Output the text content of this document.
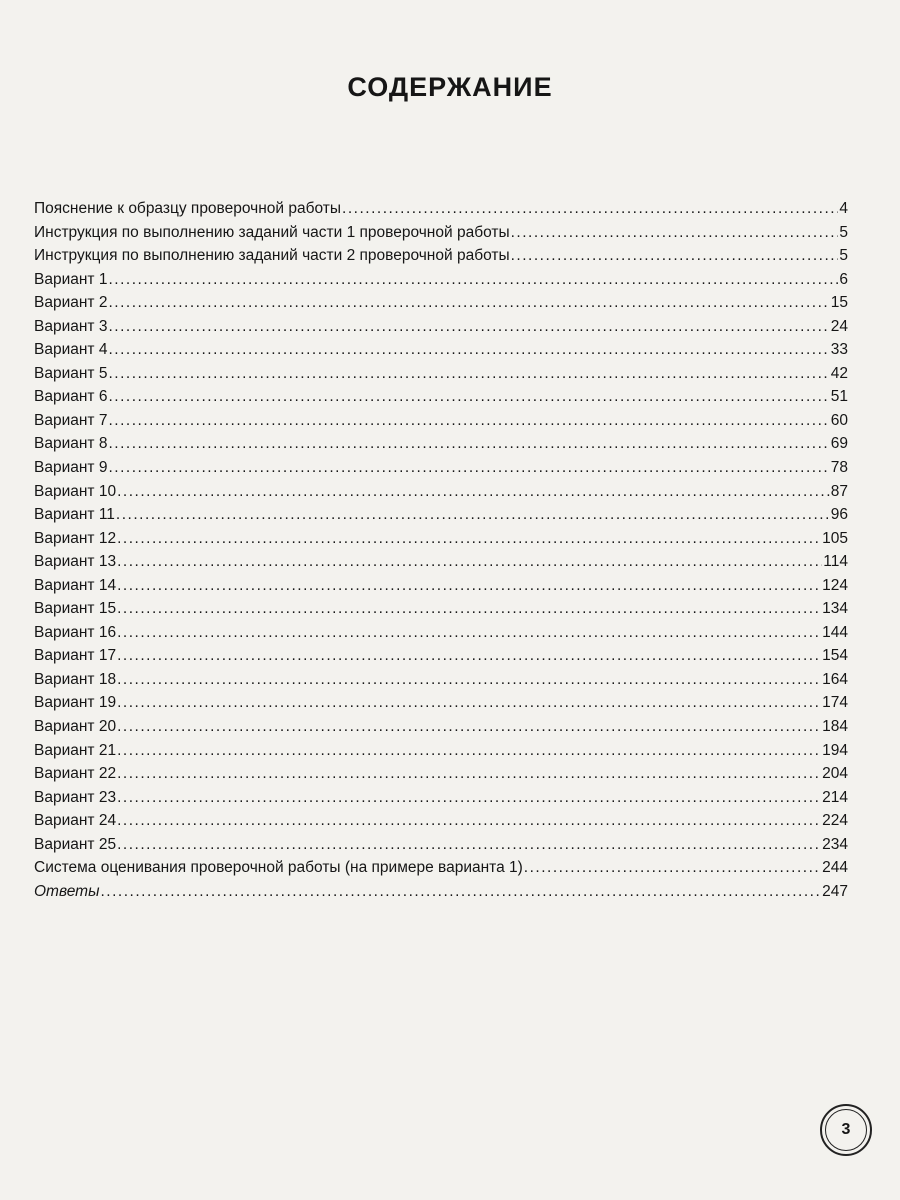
СОДЕРЖАНИЕ
Пояснение к образцу проверочной работы . . .	4
Инструкция по выполнению заданий части 1 проверочной работы . . .	5
Инструкция по выполнению заданий части 2 проверочной работы . . .	5
Вариант 1 . . .	6
Вариант 2 . . .	15
Вариант 3 . . .	24
Вариант 4 . . .	33
Вариант 5 . . .	42
Вариант 6 . . .	51
Вариант 7 . . .	60
Вариант 8 . . .	69
Вариант 9 . . .	78
Вариант 10 . . .	87
Вариант 11 . . .	96
Вариант 12 . . .	105
Вариант 13 . . .	114
Вариант 14 . . .	124
Вариант 15 . . .	134
Вариант 16 . . .	144
Вариант 17 . . .	154
Вариант 18 . . .	164
Вариант 19 . . .	174
Вариант 20 . . .	184
Вариант 21 . . .	194
Вариант 22 . . .	204
Вариант 23 . . .	214
Вариант 24 . . .	224
Вариант 25 . . .	234
Система оценивания проверочной работы (на примере варианта 1) . . .	244
Ответы . . .	247
3
